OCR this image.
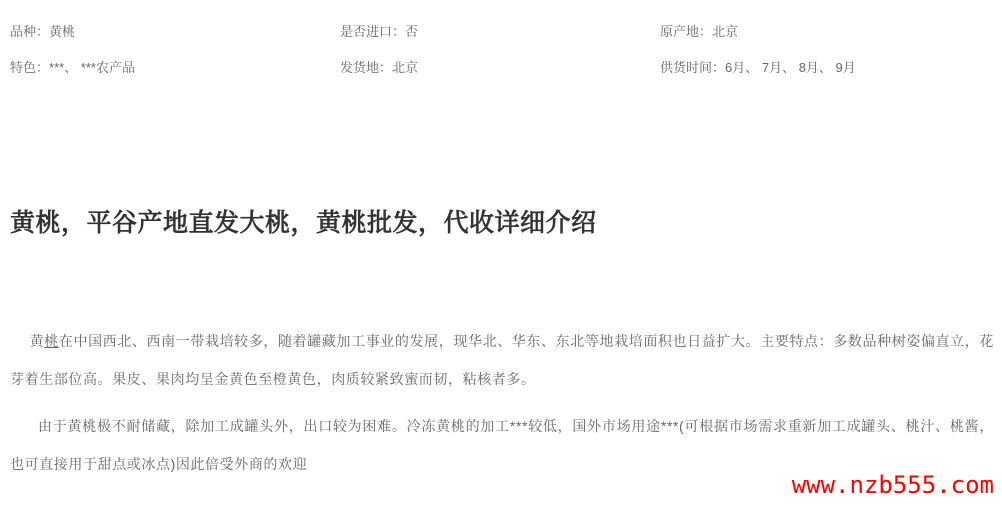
品种：黄桃	是否进口：否	原产地：北京
特色：***、 ***农产品	发货地：北京	供货时间：6月、 7月、 8月、 9月
黄桃，平谷产地直发大桃，黄桃批发，代收详细介绍

黄桃在中国西北、西南一带栽培较多，随着罐藏加工事业的发展，现华北、华东、东北等地栽培面积也日益扩大。主要特点：多数品种树姿偏直立，花芽着生部位高。果皮、果肉均呈金黄色至橙黄色，肉质较紧致蜜而韧，粘核者多。

由于黄桃极不耐储藏，除加工成罐头外，出口较为困难。冷冻黄桃的加工***较低，国外市场用途***(可根据市场需求重新加工成罐头、桃汁、桃酱，也可直接用于甜点或冰点)因此倍受外商的欢迎

www.nzb555.com
